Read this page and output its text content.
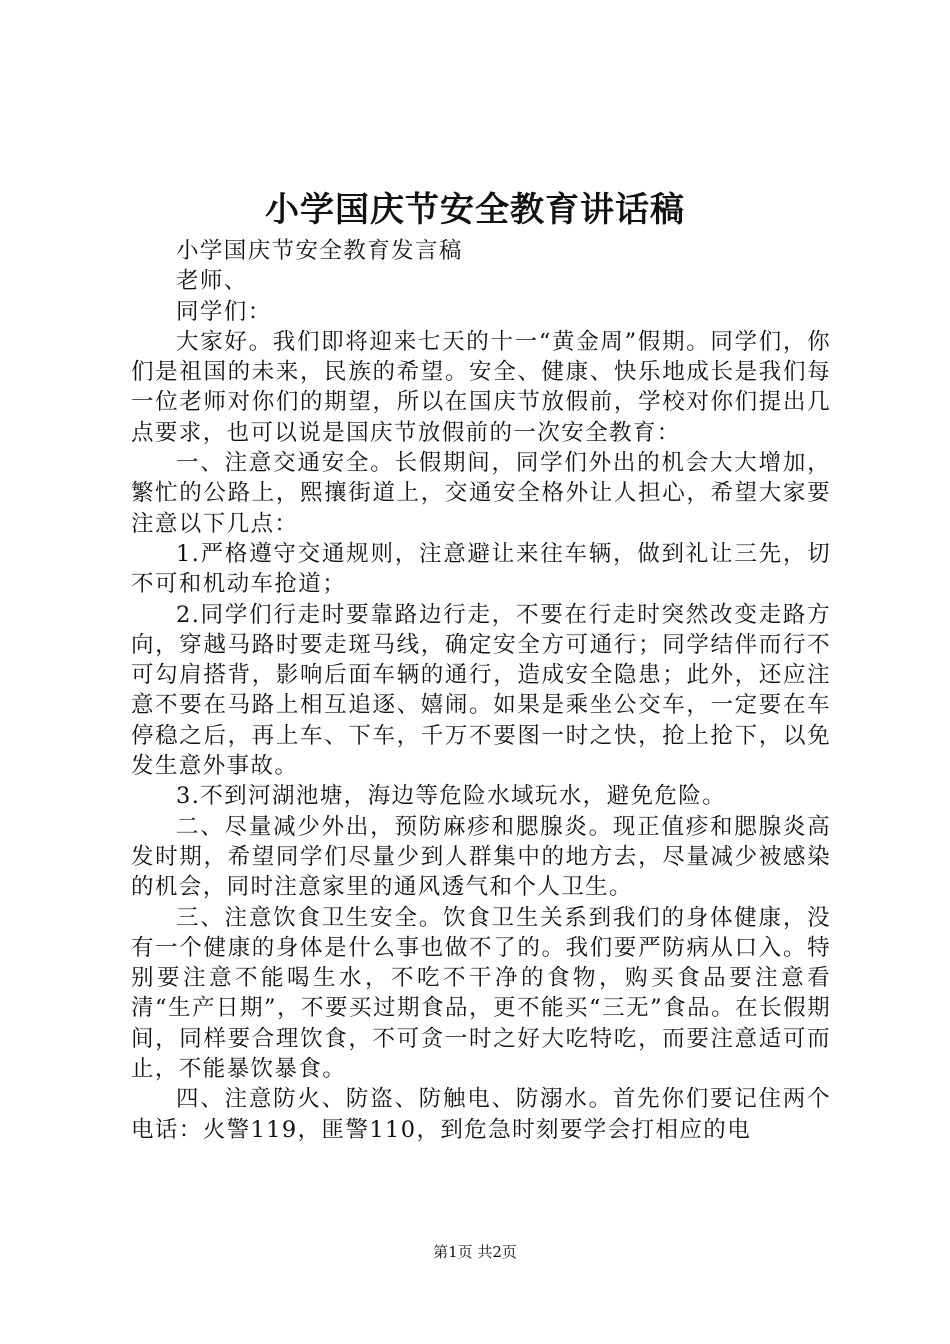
小学国庆节安全教育讲话稿

小学国庆节安全教育发言稿

老师、

同学们：

大家好。我们即将迎来七天的十一“黄金周”假期。同学们，你们是祖国的未来，民族的希望。安全、健康、快乐地成长是我们每一位老师对你们的期望，所以在国庆节放假前，学校对你们提出几点要求，也可以说是国庆节放假前的一次安全教育：

一、注意交通安全。长假期间，同学们外出的机会大大增加，繁忙的公路上，熙攘街道上，交通安全格外让人担心，希望大家要注意以下几点：

1.严格遵守交通规则，注意避让来往车辆，做到礼让三先，切不可和机动车抢道；

2.同学们行走时要靠路边行走，不要在行走时突然改变走路方向，穿越马路时要走斑马线，确定安全方可通行；同学结伴而行不可勾肩搭背，影响后面车辆的通行，造成安全隐患；此外，还应注意不要在马路上相互追逐、嬉闹。如果是乘坐公交车，一定要在车停稳之后，再上车、下车，千万不要图一时之快，抢上抢下，以免发生意外事故。

3.不到河湖池塘，海边等危险水域玩水，避免危险。

二、尽量减少外出，预防麻疹和腮腺炎。现正值疹和腮腺炎高发时期，希望同学们尽量少到人群集中的地方去，尽量减少被感染的机会，同时注意家里的通风透气和个人卫生。

三、注意饮食卫生安全。饮食卫生关系到我们的身体健康，没有一个健康的身体是什么事也做不了的。我们要严防病从口入。特别要注意不能喝生水，不吃不干净的食物，购买食品要注意看清“生产日期”，不要买过期食品，更不能买“三无”食品。在长假期间，同样要合理饮食，不可贪一时之好大吃特吃，而要注意适可而止，不能暴饮暴食。

四、注意防火、防盗、防触电、防溺水。首先你们要记住两个电话：火警119，匪警110，到危急时刻要学会打相应的电

第1页 共2页
